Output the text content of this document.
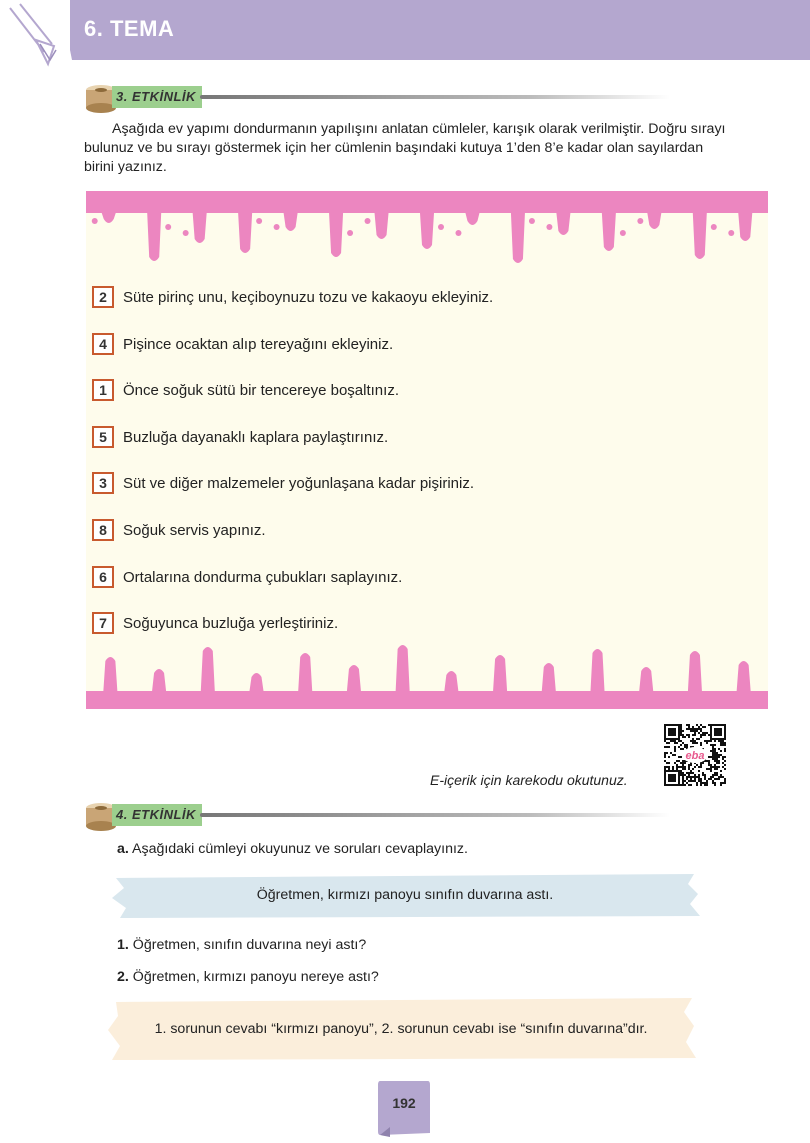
6. TEMA
3. ETKİNLİK
Aşağıda ev yapımı dondurmanın yapılışını anlatan cümleler, karışık olarak verilmiştir. Doğru sırayı bulunuz ve bu sırayı göstermek için her cümlenin başındaki kutuya 1’den 8’e kadar olan sayılardan birini yazınız.
2	Süte pirinç unu, keçiboynuzu tozu ve kakaoyu ekleyiniz.
4	Pişince ocaktan alıp tereyağını ekleyiniz.
1	Önce soğuk sütü bir tencereye boşaltınız.
5	Buzluğa dayanaklı kaplara paylaştırınız.
3	Süt ve diğer malzemeler yoğunlaşana kadar pişiriniz.
8	Soğuk servis yapınız.
6	Ortalarına dondurma çubukları saplayınız.
7	Soğuyunca buzluğa yerleştiriniz.
E-içerik için karekodu okutunuz.
eba
4. ETKİNLİK
a. Aşağıdaki cümleyi okuyunuz ve soruları cevaplayınız.
Öğretmen, kırmızı panoyu sınıfın duvarına astı.
1. Öğretmen, sınıfın duvarına neyi astı?
2. Öğretmen, kırmızı panoyu nereye astı?
1. sorunun cevabı “kırmızı panoyu”, 2. sorunun cevabı ise “sınıfın duvarına”dır.
192
